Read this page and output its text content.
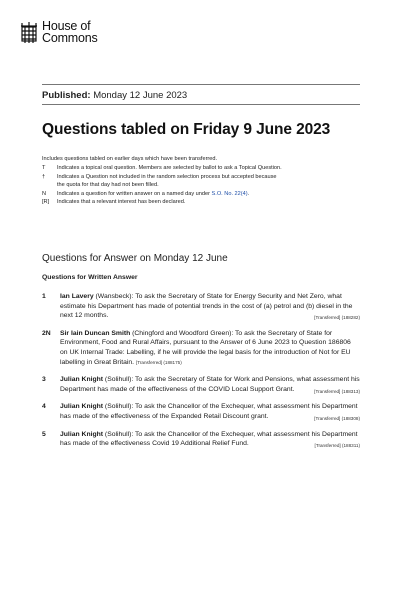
House of
Commons
Published: Monday 12 June 2023
Questions tabled on Friday 9 June 2023
Includes questions tabled on earlier days which have been transferred.
T	Indicates a topical oral question. Members are selected by ballot to ask a Topical Question.
†	Indicates a Question not included in the random selection process but accepted because the quota for that day had not been filled.
N	Indicates a question for written answer on a named day under S.O. No. 22(4).
[R]	Indicates that a relevant interest has been declared.
Questions for Answer on Monday 12 June
Questions for Written Answer
1 Ian Lavery (Wansbeck): To ask the Secretary of State for Energy Security and Net Zero, what estimate his Department has made of potential trends in the cost of (a) petrol and (b) diesel in the next 12 months.	[Transferred] (188282)
2N Sir Iain Duncan Smith (Chingford and Woodford Green): To ask the Secretary of State for Environment, Food and Rural Affairs, pursuant to the Answer of 6 June 2023 to Question 186806 on UK Internal Trade: Labelling, if he will provide the legal basis for the introduction of Not for EU labelling in Great Britain. [Transferred] (188175)
3 Julian Knight (Solihull): To ask the Secretary of State for Work and Pensions, what assessment his Department has made of the effectiveness of the COVID Local Support Grant.	[Transferred] (188313)
4 Julian Knight (Solihull): To ask the Chancellor of the Exchequer, what assessment his Department has made of the effectiveness of the Expanded Retail Discount grant.	[Transferred] (188308)
5 Julian Knight (Solihull): To ask the Chancellor of the Exchequer, what assessment his Department has made of the effectiveness Covid 19 Additional Relief Fund.	[Transferred] (188311)
